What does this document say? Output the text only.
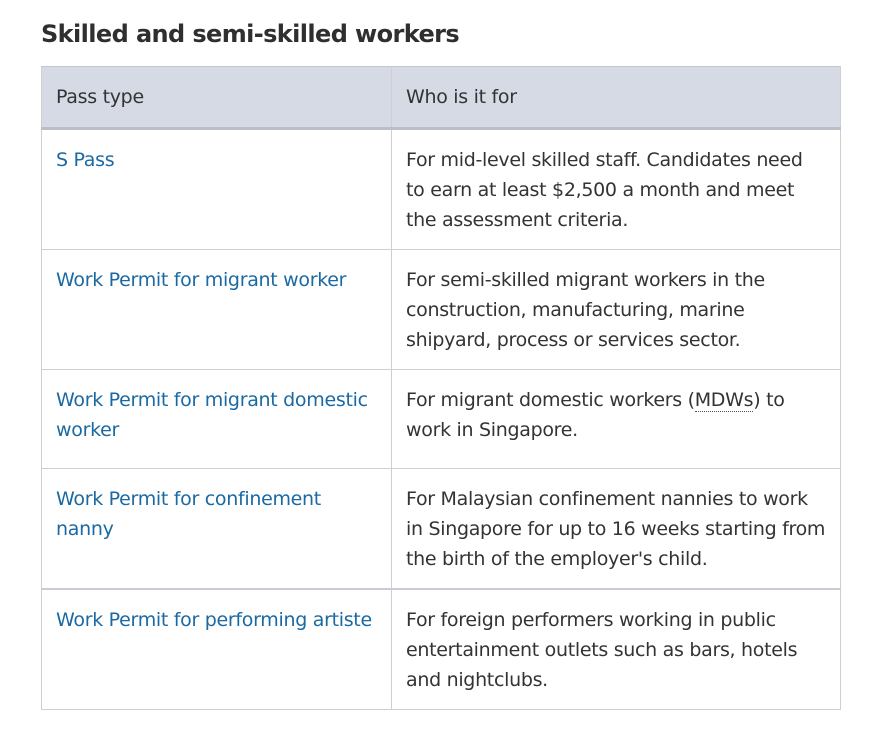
Skilled and semi-skilled workers
Pass type	Who is it for
S Pass	For mid-level skilled staff. Candidates need to earn at least $2,500 a month and meet the assessment criteria.
Work Permit for migrant worker	For semi-skilled migrant workers in the construction, manufacturing, marine shipyard, process or services sector.
Work Permit for migrant domestic worker	For migrant domestic workers (MDWs) to work in Singapore.
Work Permit for confinement nanny	For Malaysian confinement nannies to work in Singapore for up to 16 weeks starting from the birth of the employer's child.
Work Permit for performing artiste	For foreign performers working in public entertainment outlets such as bars, hotels and nightclubs.
